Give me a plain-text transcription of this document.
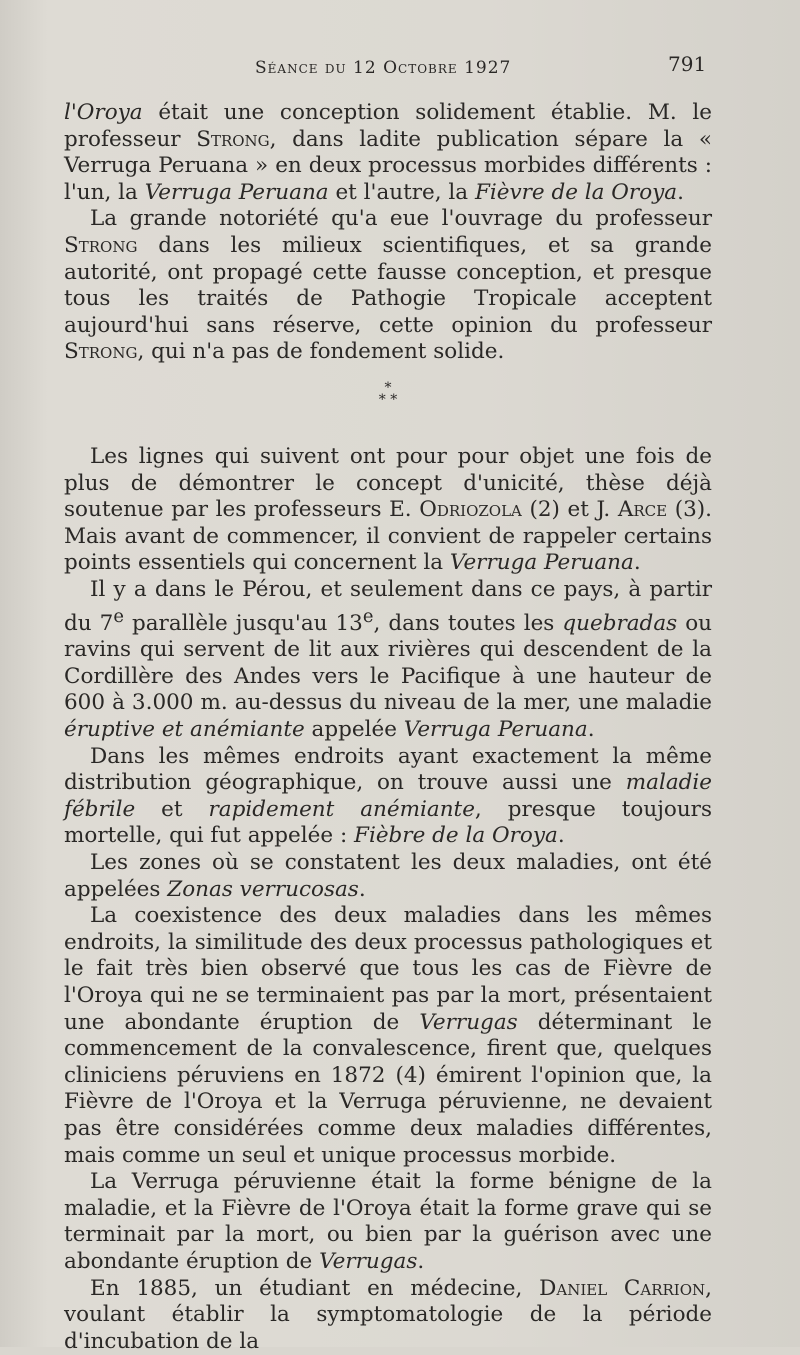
Séance du 12 Octobre 1927	791

l'Oroya était une conception solidement établie. M. le professeur Strong, dans ladite publication sépare la « Verruga Peruana » en deux processus morbides différents : l'un, la Verruga Peruana et l'autre, la Fièvre de la Oroya.

La grande notoriété qu'a eue l'ouvrage du professeur Strong dans les milieux scientifiques, et sa grande autorité, ont propagé cette fausse conception, et presque tous les traités de Pathogie Tropicale acceptent aujourd'hui sans réserve, cette opinion du professeur Strong, qui n'a pas de fondement solide.

*
* *

Les lignes qui suivent ont pour pour objet une fois de plus de démontrer le concept d'unicité, thèse déjà soutenue par les professeurs E. Odriozola (2) et J. Arce (3). Mais avant de commencer, il convient de rappeler certains points essentiels qui concernent la Verruga Peruana.

Il y a dans le Pérou, et seulement dans ce pays, à partir du 7e parallèle jusqu'au 13e, dans toutes les quebradas ou ravins qui servent de lit aux rivières qui descendent de la Cordillère des Andes vers le Pacifique à une hauteur de 600 à 3.000 m. au-dessus du niveau de la mer, une maladie éruptive et anémiante appelée Verruga Peruana.

Dans les mêmes endroits ayant exactement la même distribution géographique, on trouve aussi une maladie fébrile et rapidement anémiante, presque toujours mortelle, qui fut appelée : Fièbre de la Oroya.

Les zones où se constatent les deux maladies, ont été appelées Zonas verrucosas.

La coexistence des deux maladies dans les mêmes endroits, la similitude des deux processus pathologiques et le fait très bien observé que tous les cas de Fièvre de l'Oroya qui ne se terminaient pas par la mort, présentaient une abondante éruption de Verrugas déterminant le commencement de la convalescence, firent que, quelques cliniciens péruviens en 1872 (4) émirent l'opinion que, la Fièvre de l'Oroya et la Verruga péruvienne, ne devaient pas être considérées comme deux maladies différentes, mais comme un seul et unique processus morbide.

La Verruga péruvienne était la forme bénigne de la maladie, et la Fièvre de l'Oroya était la forme grave qui se terminait par la mort, ou bien par la guérison avec une abondante éruption de Verrugas.

En 1885, un étudiant en médecine, Daniel Carrion, voulant établir la symptomatologie de la période d'incubation de la
